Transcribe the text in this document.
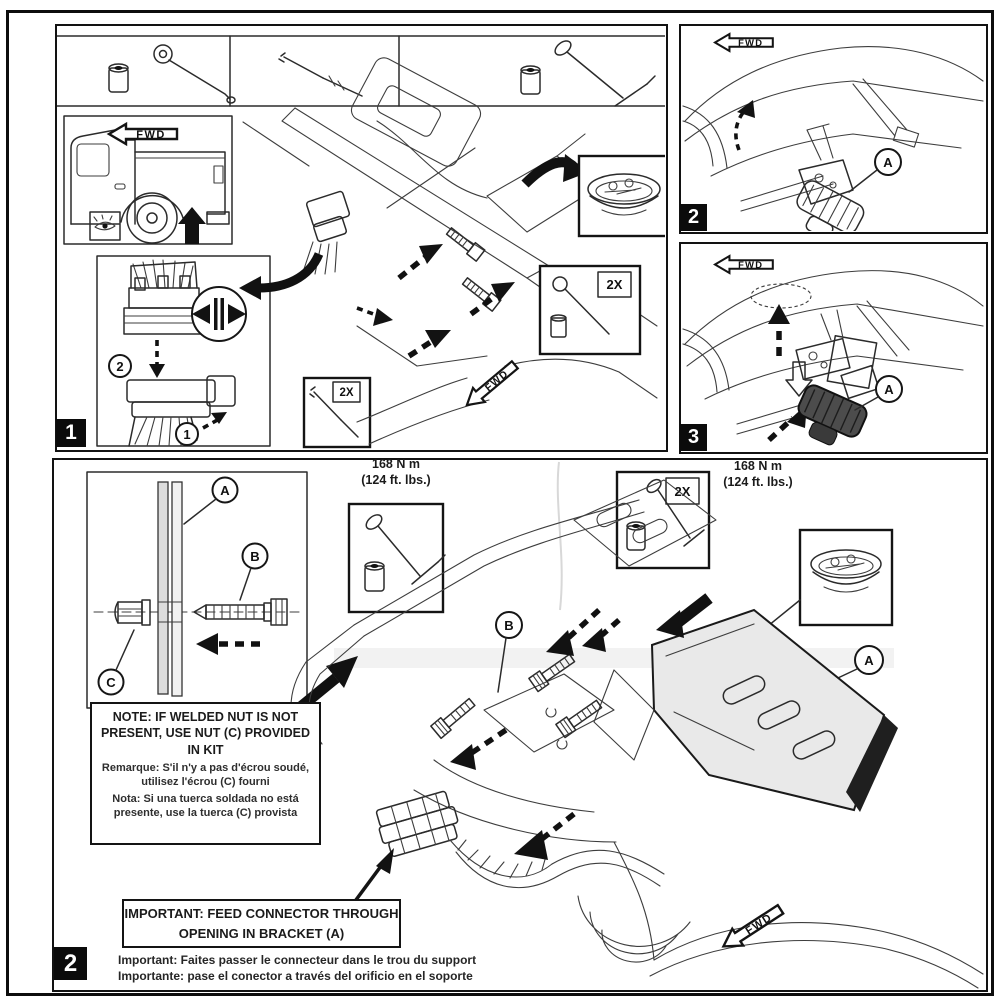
FWD
2
1
2X
2X	FWD
FWD
A
FWD
A
A
B
C
2X
A
B
FWD
1
2
3
2
168 N m
(124 ft. lbs.)
168 N m
(124 ft. lbs.)
NOTE: IF WELDED NUT IS NOT PRESENT, USE NUT (C) PROVIDED IN KIT
Remarque: S'il n'y a pas d'écrou soudé, utilisez l'écrou (C) fourni
Nota: Si una tuerca soldada no está presente, use la tuerca (C) provista
IMPORTANT: FEED CONNECTOR THROUGH OPENING IN BRACKET (A)
Important: Faites passer le connecteur dans le trou du support
Importante: pase el conector a través del orificio en el soporte
